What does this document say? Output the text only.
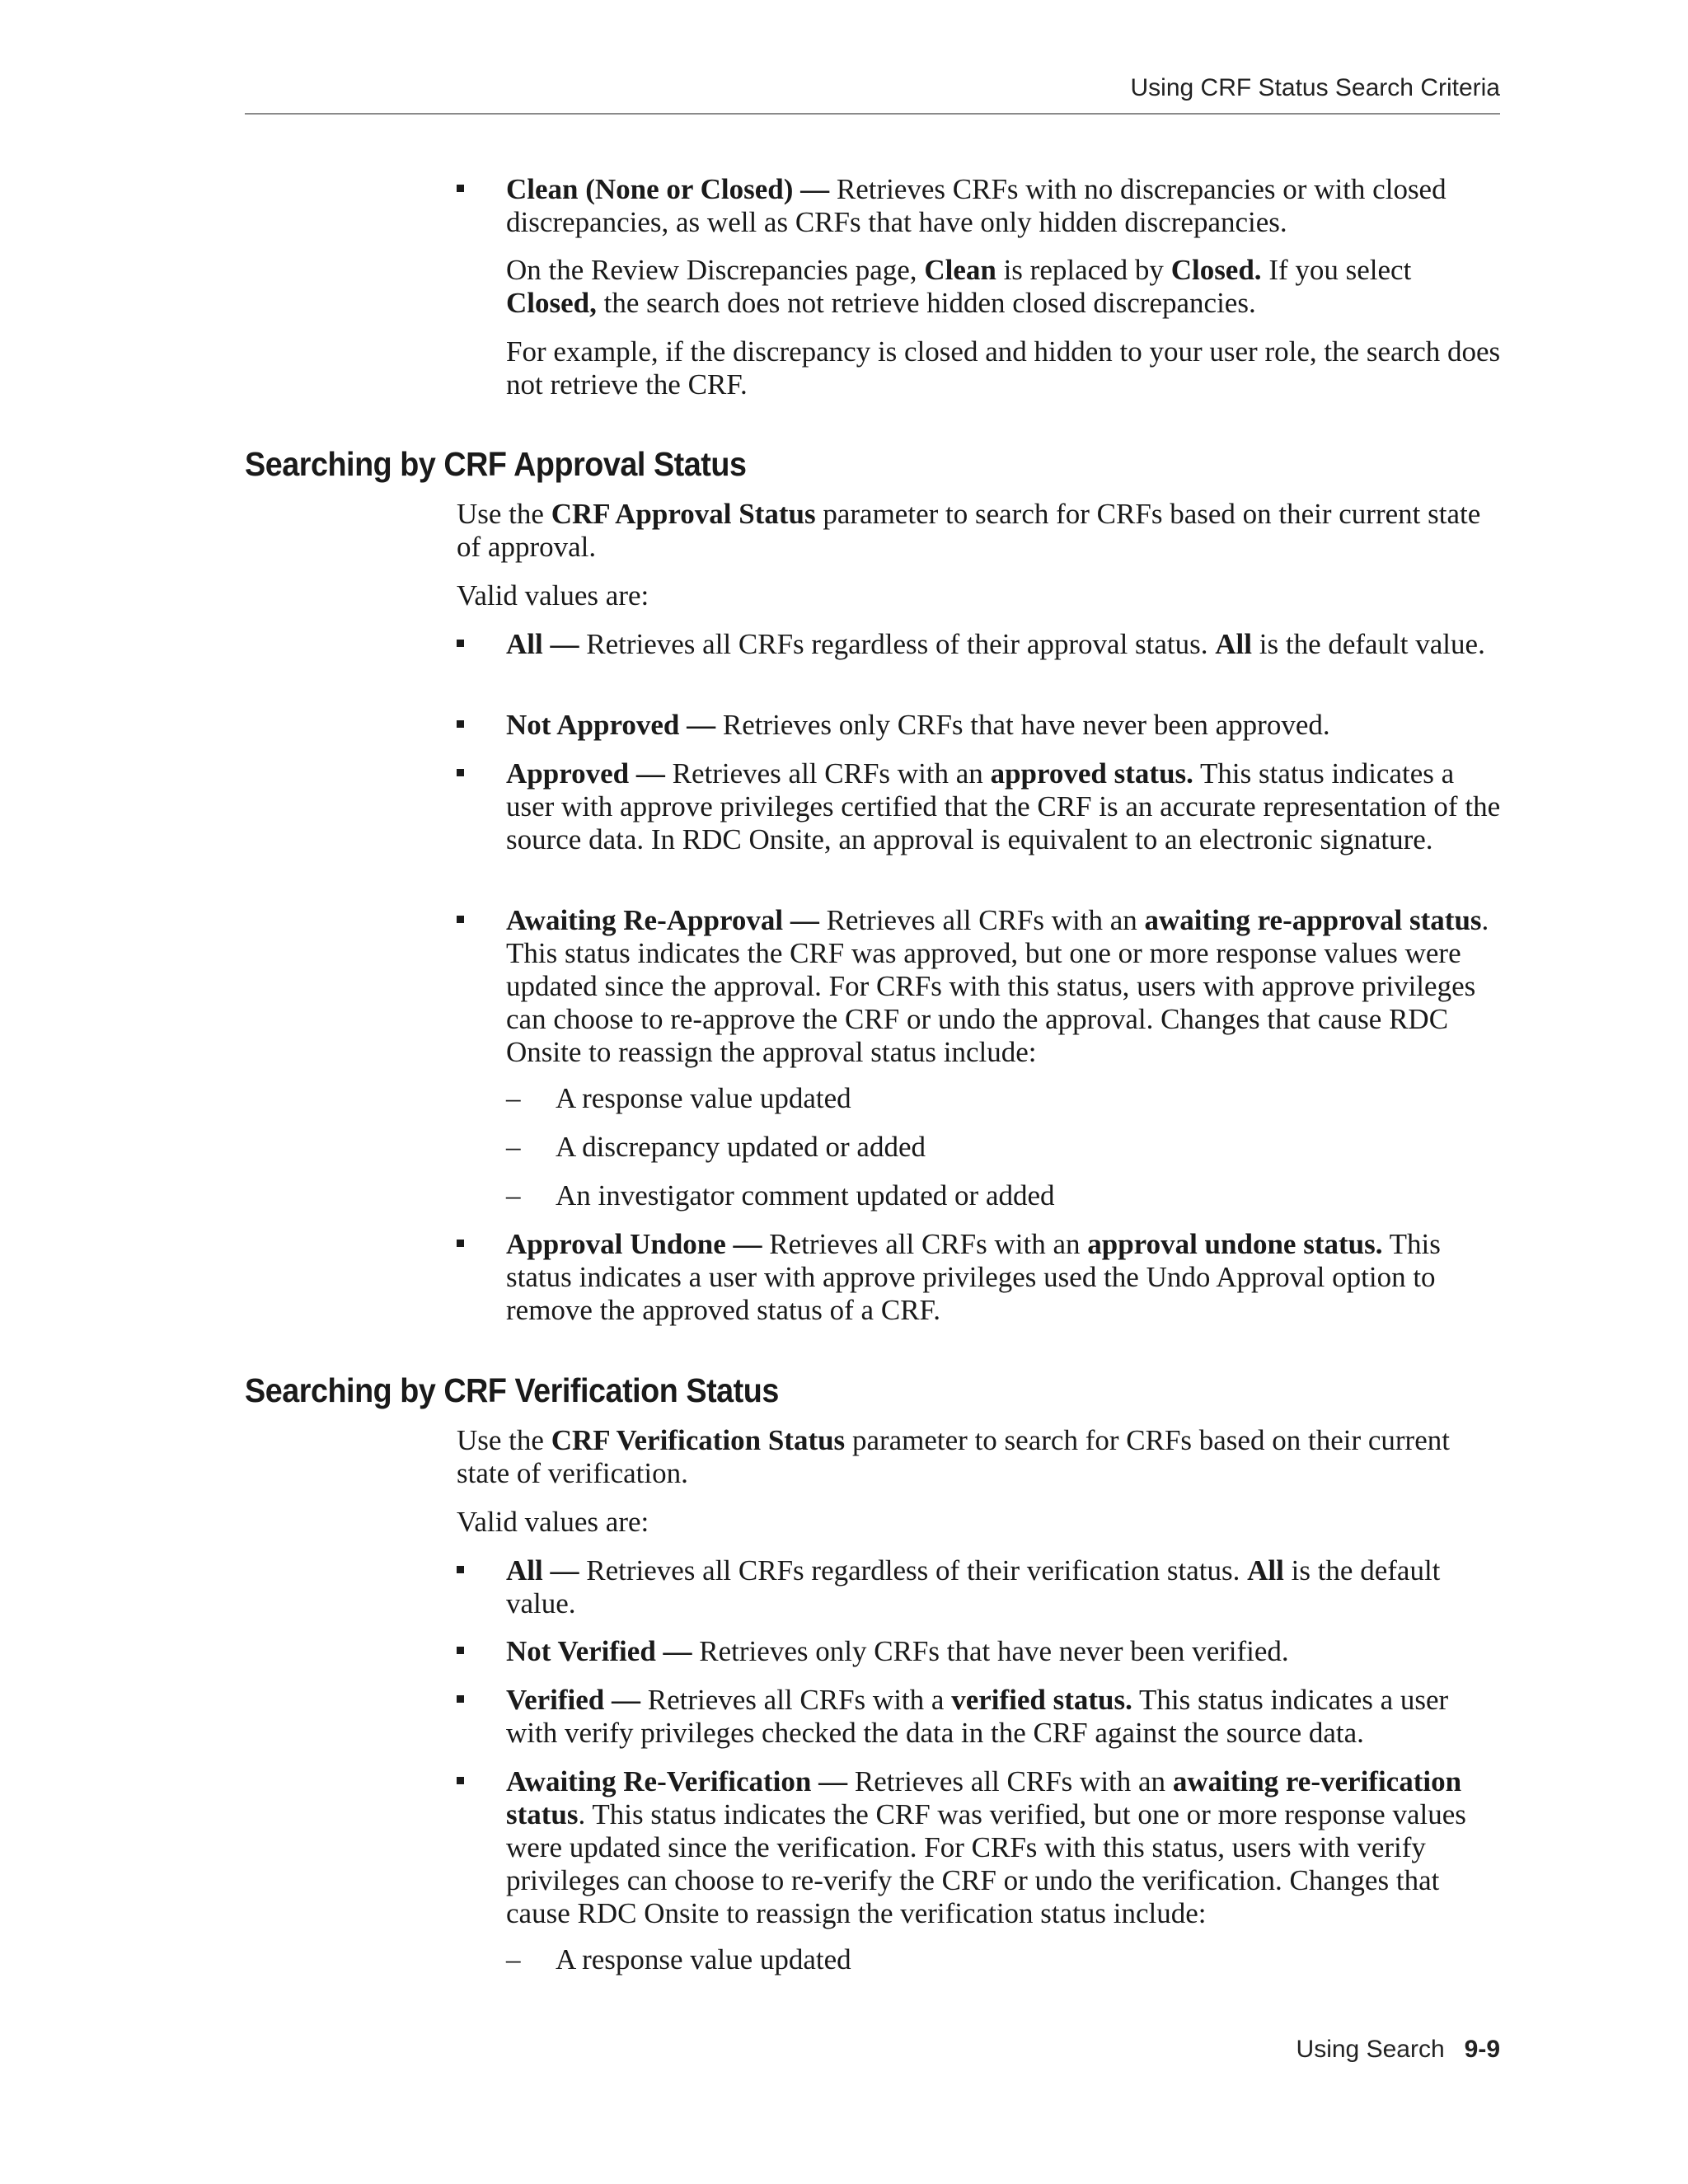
Using CRF Status Search Criteria
Clean (None or Closed) — Retrieves CRFs with no discrepancies or with closed discrepancies, as well as CRFs that have only hidden discrepancies.

On the Review Discrepancies page, Clean is replaced by Closed. If you select Closed, the search does not retrieve hidden closed discrepancies.

For example, if the discrepancy is closed and hidden to your user role, the search does not retrieve the CRF.

Searching by CRF Approval Status

Use the CRF Approval Status parameter to search for CRFs based on their current state of approval.

Valid values are:

All — Retrieves all CRFs regardless of their approval status. All is the default value.
Not Approved — Retrieves only CRFs that have never been approved.
Approved — Retrieves all CRFs with an approved status. This status indicates a user with approve privileges certified that the CRF is an accurate representation of the source data. In RDC Onsite, an approval is equivalent to an electronic signature.
Awaiting Re-Approval — Retrieves all CRFs with an awaiting re-approval status. This status indicates the CRF was approved, but one or more response values were updated since the approval. For CRFs with this status, users with approve privileges can choose to re-approve the CRF or undo the approval. Changes that cause RDC Onsite to reassign the approval status include:
– A response value updated
– A discrepancy updated or added
– An investigator comment updated or added
Approval Undone — Retrieves all CRFs with an approval undone status. This status indicates a user with approve privileges used the Undo Approval option to remove the approved status of a CRF.
Searching by CRF Verification Status

Use the CRF Verification Status parameter to search for CRFs based on their current state of verification.

Valid values are:

All — Retrieves all CRFs regardless of their verification status. All is the default value.
Not Verified — Retrieves only CRFs that have never been verified.
Verified — Retrieves all CRFs with a verified status. This status indicates a user with verify privileges checked the data in the CRF against the source data.
Awaiting Re-Verification — Retrieves all CRFs with an awaiting re-verification status. This status indicates the CRF was verified, but one or more response values were updated since the verification. For CRFs with this status, users with verify privileges can choose to re-verify the CRF or undo the verification. Changes that cause RDC Onsite to reassign the verification status include:
– A response value updated
Using Search 9-9
